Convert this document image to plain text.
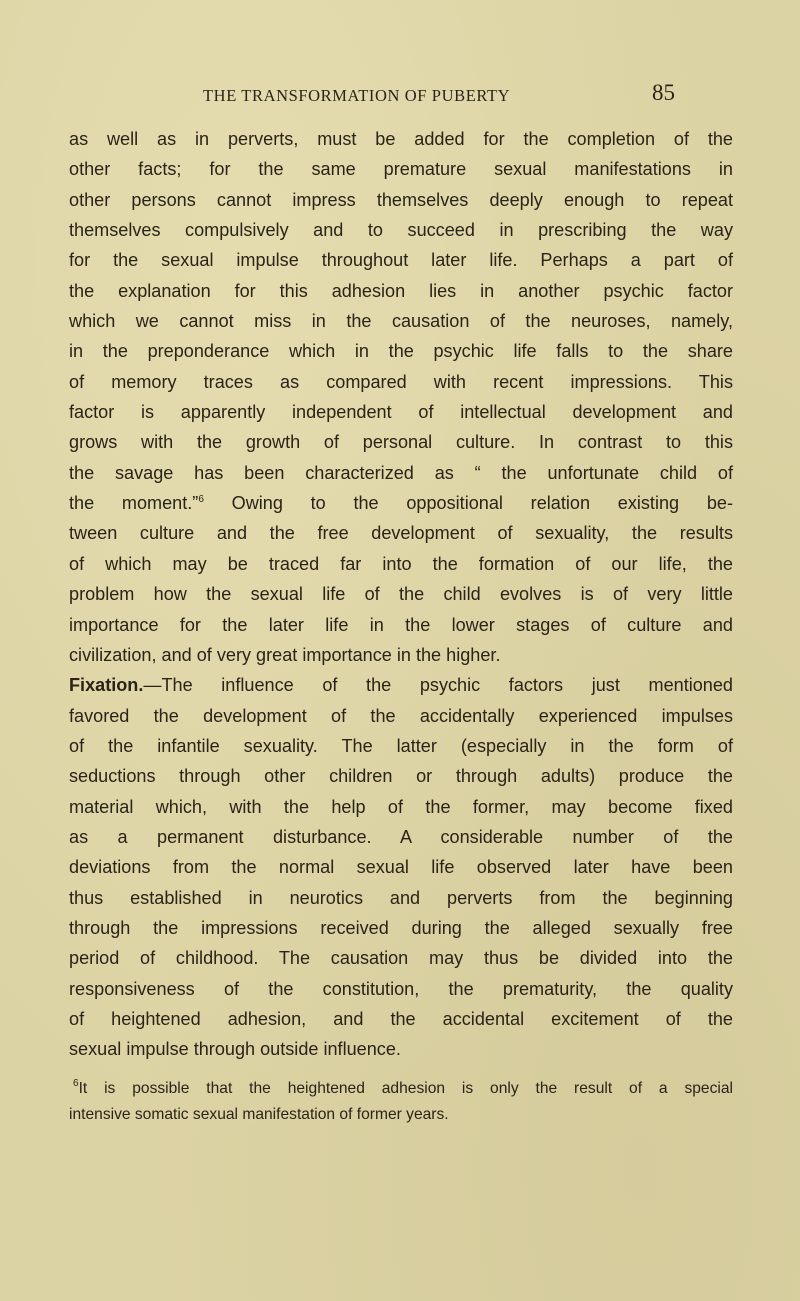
THE TRANSFORMATION OF PUBERTY	85
as well as in perverts, must be added for the completion of the
other facts; for the same premature sexual manifestations in
other persons cannot impress themselves deeply enough to repeat
themselves compulsively and to succeed in prescribing the way
for the sexual impulse throughout later life. Perhaps a part of
the explanation for this adhesion lies in another psychic factor
which we cannot miss in the causation of the neuroses, namely,
in the preponderance which in the psychic life falls to the share
of memory traces as compared with recent impressions. This
factor is apparently independent of intellectual development and
grows with the growth of personal culture. In contrast to this
the savage has been characterized as “ the unfortunate child of
the moment.”$^6$ Owing to the oppositional relation existing be-
tween culture and the free development of sexuality, the results
of which may be traced far into the formation of our life, the
problem how the sexual life of the child evolves is of very little
importance for the later life in the lower stages of culture and
civilization, and of very great importance in the higher.
Fixation.—The influence of the psychic factors just mentioned
favored the development of the accidentally experienced impulses
of the infantile sexuality. The latter (especially in the form of
seductions through other children or through adults) produce the
material which, with the help of the former, may become fixed
as a permanent disturbance. A considerable number of the
deviations from the normal sexual life observed later have been
thus established in neurotics and perverts from the beginning
through the impressions received during the alleged sexually free
period of childhood. The causation may thus be divided into the
responsiveness of the constitution, the prematurity, the quality
of heightened adhesion, and the accidental excitement of the
sexual impulse through outside influence.
$^6$It is possible that the heightened adhesion is only the result of a special
intensive somatic sexual manifestation of former years.
